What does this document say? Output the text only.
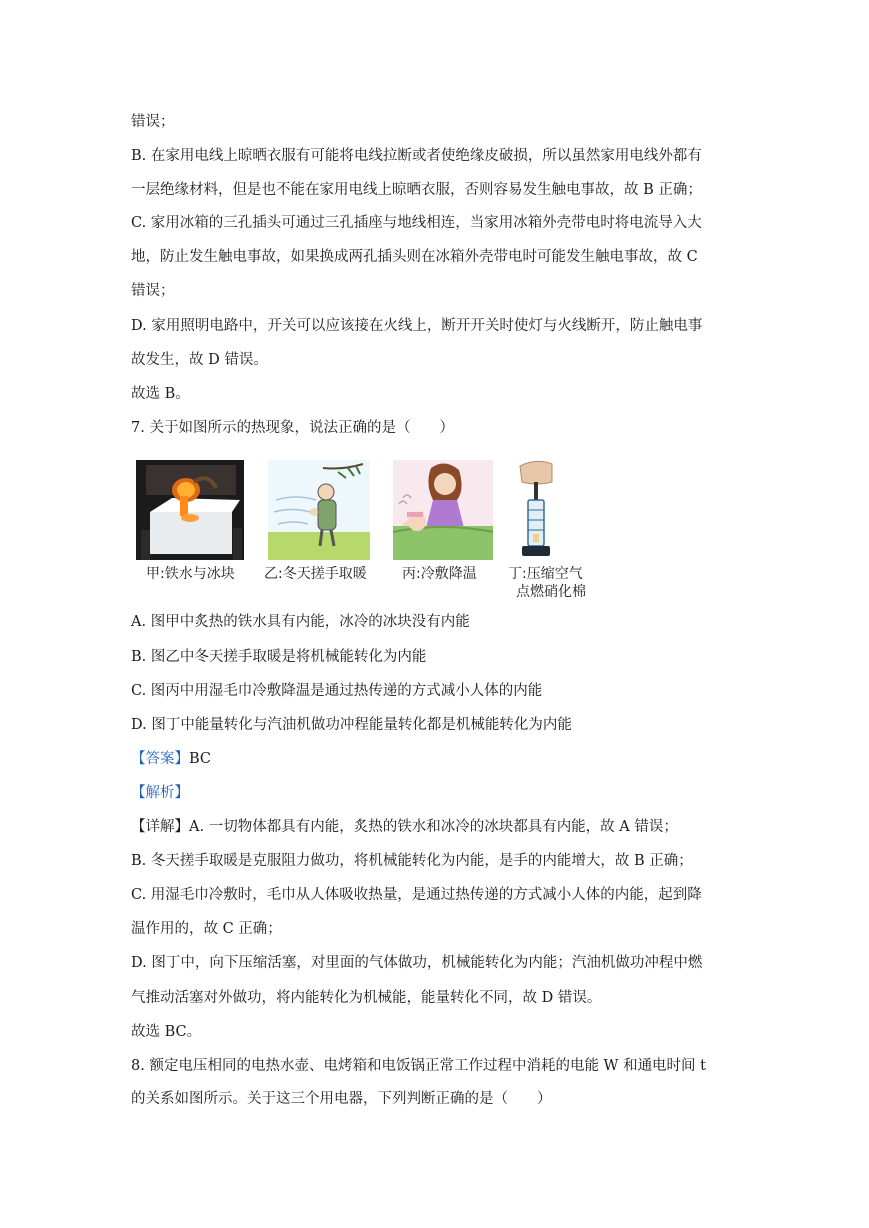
错误；
B. 在家用电线上晾晒衣服有可能将电线拉断或者使绝缘皮破损，所以虽然家用电线外都有
一层绝缘材料，但是也不能在家用电线上晾晒衣服，否则容易发生触电事故，故 B 正确；
C. 家用冰箱的三孔插头可通过三孔插座与地线相连，当家用冰箱外壳带电时将电流导入大
地，防止发生触电事故，如果换成两孔插头则在冰箱外壳带电时可能发生触电事故，故 C
错误；
D. 家用照明电路中，开关可以应该接在火线上，断开开关时使灯与火线断开，防止触电事
故发生，故 D 错误。
故选 B。
7. 关于如图所示的热现象，说法正确的是（　　）
甲:铁水与冰块 乙:冬天搓手取暖	丙:冷敷降温 丁:压缩空气
点燃硝化棉
A. 图甲中炙热的铁水具有内能，冰冷的冰块没有内能
B. 图乙中冬天搓手取暖是将机械能转化为内能
C. 图丙中用湿毛巾冷敷降温是通过热传递的方式减小人体的内能
D. 图丁中能量转化与汽油机做功冲程能量转化都是机械能转化为内能
【答案】BC
【解析】
【详解】A. 一切物体都具有内能，炙热的铁水和冰冷的冰块都具有内能，故 A 错误；
B. 冬天搓手取暖是克服阻力做功，将机械能转化为内能，是手的内能增大，故 B 正确；
C. 用湿毛巾冷敷时，毛巾从人体吸收热量，是通过热传递的方式减小人体的内能，起到降
温作用的，故 C 正确；
D. 图丁中，向下压缩活塞，对里面的气体做功，机械能转化为内能；汽油机做功冲程中燃
气推动活塞对外做功，将内能转化为机械能，能量转化不同，故 D 错误。
故选 BC。
8. 额定电压相同的电热水壶、电烤箱和电饭锅正常工作过程中消耗的电能 W 和通电时间 t
的关系如图所示。关于这三个用电器，下列判断正确的是（　　）
